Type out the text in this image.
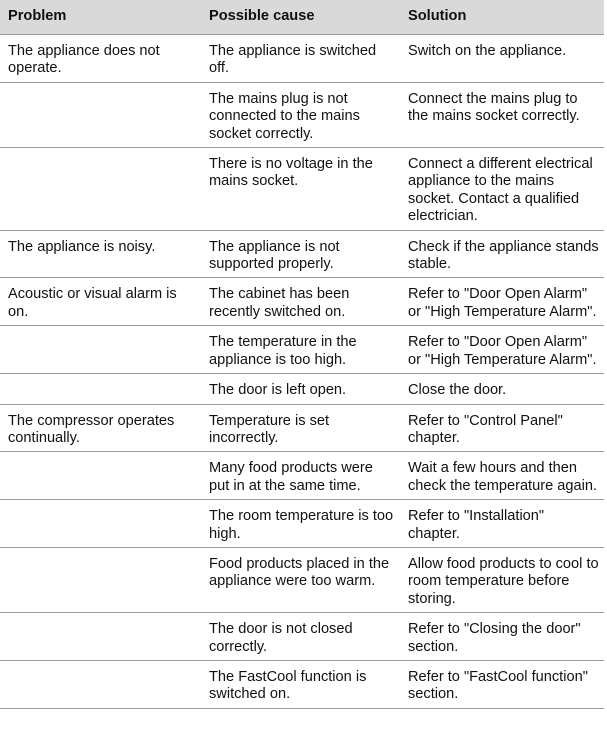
Problem	Possible cause	Solution
The appliance does not operate.	The appliance is switched off.	Switch on the appliance.
	The mains plug is not connected to the mains socket correctly.	Connect the mains plug to the mains socket correctly.
	There is no voltage in the mains socket.	Connect a different electrical appliance to the mains socket. Contact a qualified electrician.
The appliance is noisy.	The appliance is not supported properly.	Check if the appliance stands stable.
Acoustic or visual alarm is on.	The cabinet has been recently switched on.	Refer to "Door Open Alarm" or "High Temperature Alarm".
	The temperature in the appliance is too high.	Refer to "Door Open Alarm" or "High Temperature Alarm".
	The door is left open.	Close the door.
The compressor operates continually.	Temperature is set incorrectly.	Refer to "Control Panel" chapter.
	Many food products were put in at the same time.	Wait a few hours and then check the temperature again.
	The room temperature is too high.	Refer to "Installation" chapter.
	Food products placed in the appliance were too warm.	Allow food products to cool to room temperature before storing.
	The door is not closed correctly.	Refer to "Closing the door" section.
	The FastCool function is switched on.	Refer to "FastCool function" section.
